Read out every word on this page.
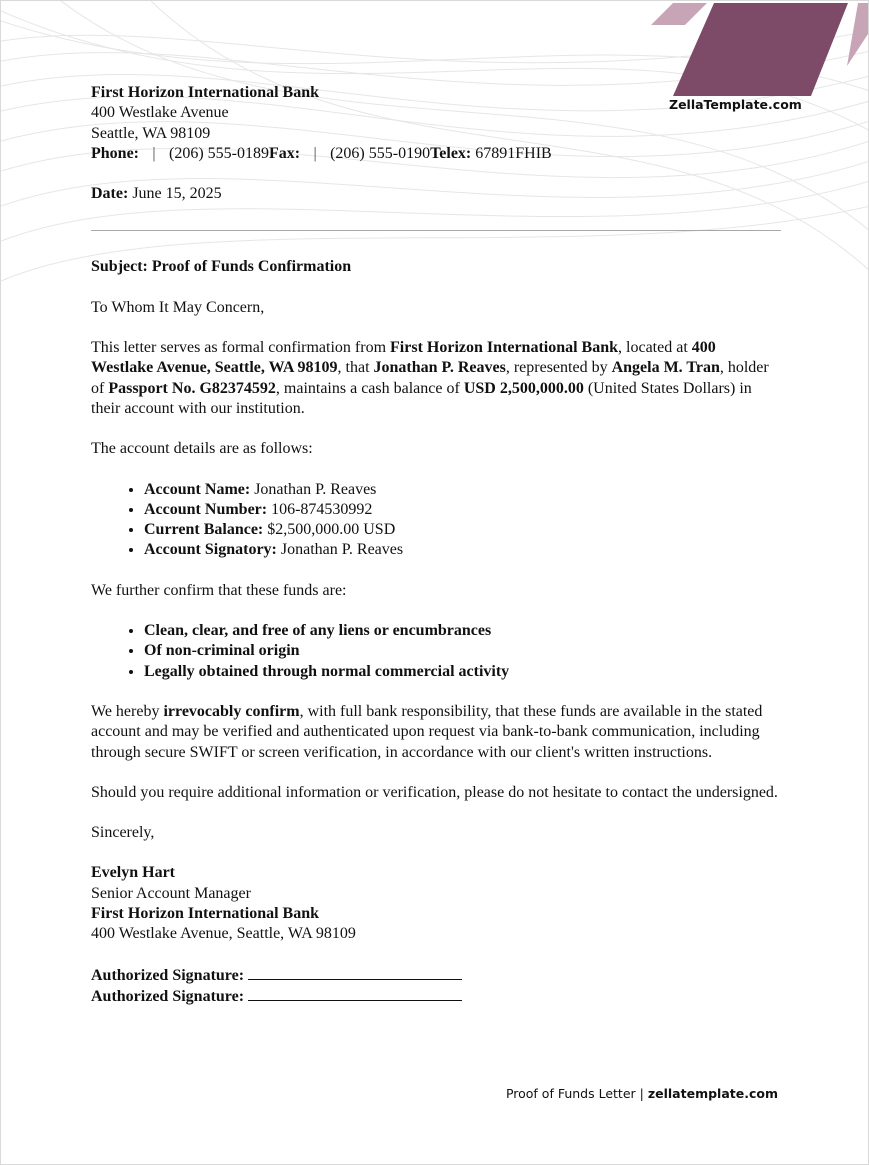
ZellaTemplate.com

First Horizon International Bank

400 Westlake Avenue

Seattle, WA 98109

Phone: | (206) 555-0189Fax: | (206) 555-0190Telex: 67891FHIB

Date: June 15, 2025

Subject: Proof of Funds Confirmation

To Whom It May Concern,

This letter serves as formal confirmation from First Horizon International Bank, located at 400 Westlake Avenue, Seattle, WA 98109, that Jonathan P. Reaves, represented by Angela M. Tran, holder of Passport No. G82374592, maintains a cash balance of USD 2,500,000.00 (United States Dollars) in their account with our institution.

The account details are as follows:

• Account Name: Jonathan P. Reaves
• Account Number: 106-874530992
• Current Balance: $2,500,000.00 USD
• Account Signatory: Jonathan P. Reaves

We further confirm that these funds are:

• Clean, clear, and free of any liens or encumbrances
• Of non-criminal origin
• Legally obtained through normal commercial activity

We hereby irrevocably confirm, with full bank responsibility, that these funds are available in the stated account and may be verified and authenticated upon request via bank-to-bank communication, including through secure SWIFT or screen verification, in accordance with our client's written instructions.

Should you require additional information or verification, please do not hesitate to contact the undersigned.

Sincerely,

Evelyn Hart

Senior Account Manager

First Horizon International Bank

400 Westlake Avenue, Seattle, WA 98109

Authorized Signature:

Authorized Signature:

Proof of Funds Letter | zellatemplate.com
